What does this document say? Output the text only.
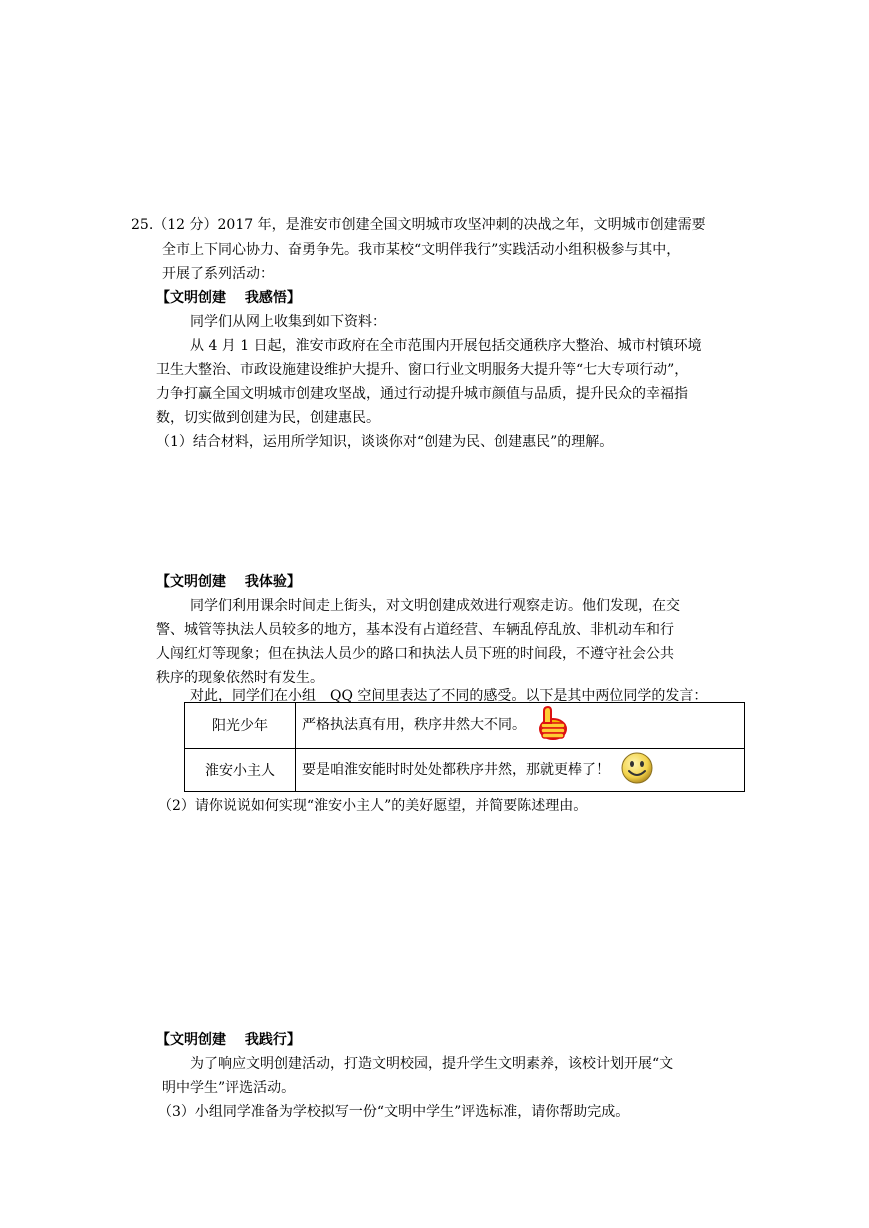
25.（12 分）2017 年，是淮安市创建全国文明城市攻坚冲刺的决战之年，文明城市创建需要
全市上下同心协力、奋勇争先。我市某校“文明伴我行”实践活动小组积极参与其中，
开展了系列活动：
【文明创建　 我感悟】
同学们从网上收集到如下资料：
从 4 月 1 日起，淮安市政府在全市范围内开展包括交通秩序大整治、城市村镇环境
卫生大整治、市政设施建设维护大提升、窗口行业文明服务大提升等“七大专项行动”，
力争打赢全国文明城市创建攻坚战，通过行动提升城市颜值与品质，提升民众的幸福指
数，切实做到创建为民，创建惠民。
（1）结合材料，运用所学知识，谈谈你对“创建为民、创建惠民”的理解。
【文明创建　 我体验】
同学们利用课余时间走上街头，对文明创建成效进行观察走访。他们发现，在交
警、城管等执法人员较多的地方，基本没有占道经营、车辆乱停乱放、非机动车和行
人闯红灯等现象；但在执法人员少的路口和执法人员下班的时间段，不遵守社会公共
秩序的现象依然时有发生。
对此，同学们在小组　QQ 空间里表达了不同的感受。以下是其中两位同学的发言：
阳光少年	严格执法真有用，秩序井然大不同。
淮安小主人	要是咱淮安能时时处处都秩序井然，那就更棒了！
（2）请你说说如何实现“淮安小主人”的美好愿望，并简要陈述理由。
【文明创建　 我践行】
为了响应文明创建活动，打造文明校园，提升学生文明素养，该校计划开展“文
明中学生”评选活动。
（3）小组同学准备为学校拟写一份“文明中学生”评选标准，请你帮助完成。
